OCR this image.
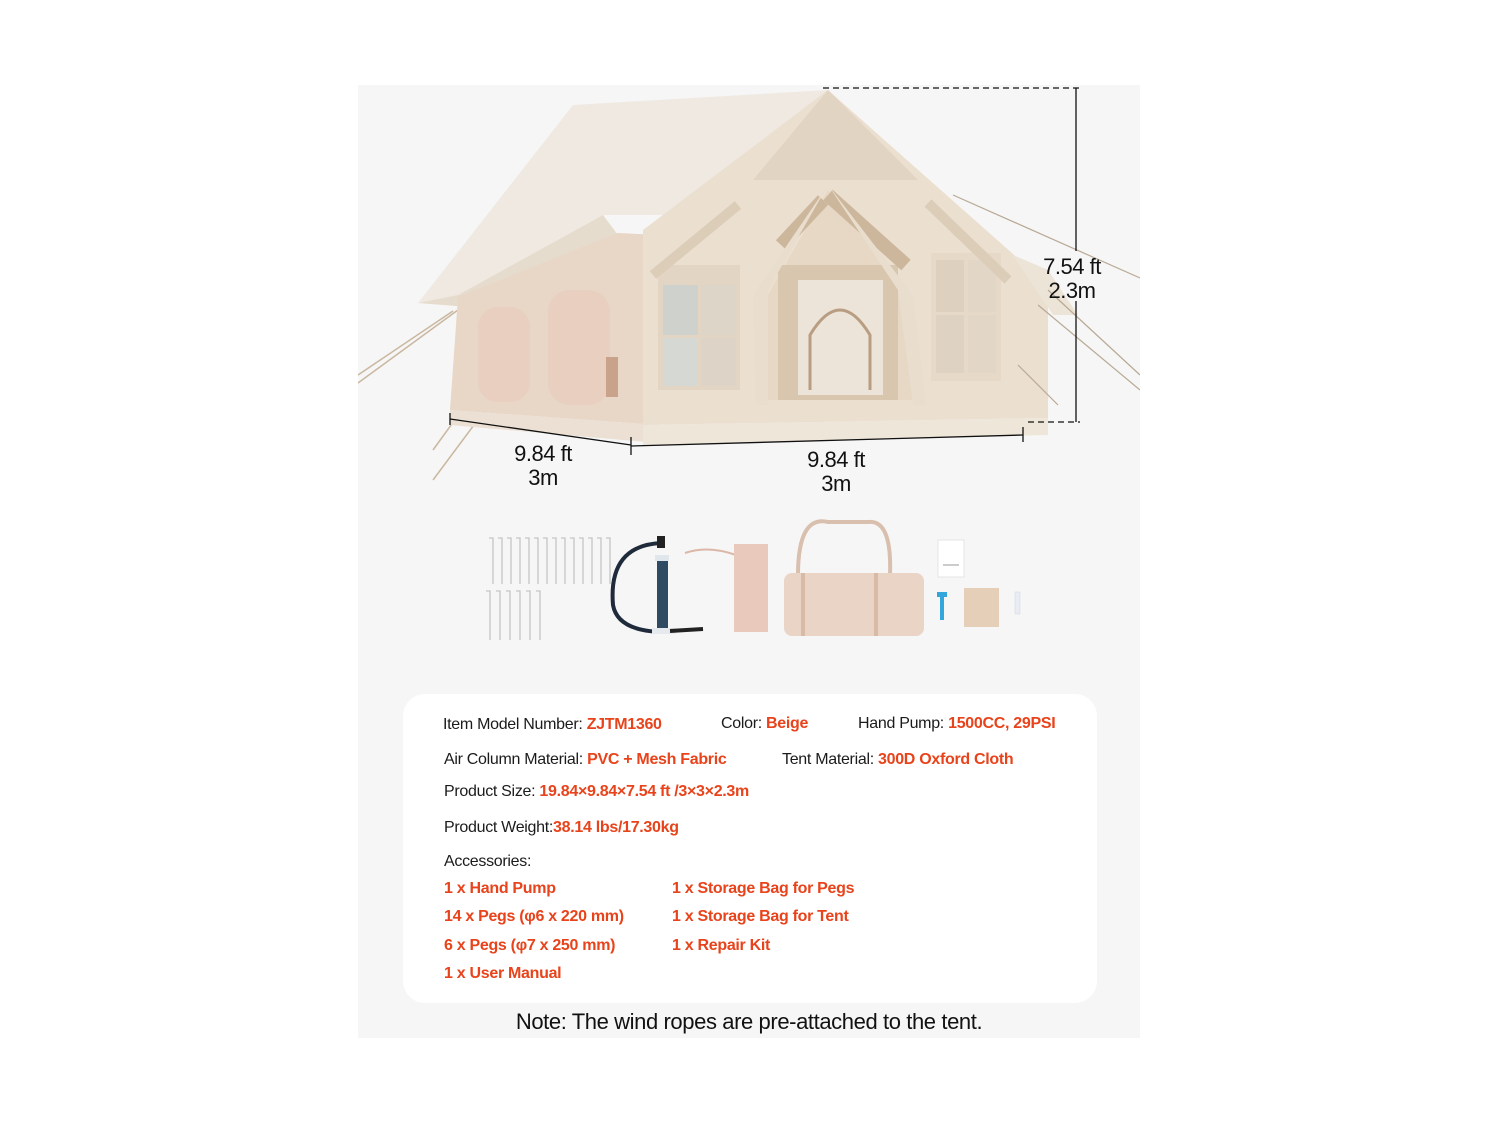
7.54 ft
2.3m
9.84 ft
3m
9.84 ft
3m
Item Model Number: ZJTM1360	Color: Beige	Hand Pump: 1500CC, 29PSI
Air Column Material: PVC + Mesh Fabric	Tent Material: 300D Oxford Cloth
Product Size: 19.84×9.84×7.54 ft /3×3×2.3m
Product Weight:38.14 lbs/17.30kg
Accessories:
1 x Hand Pump
14 x Pegs (φ6 x 220 mm)
6 x Pegs (φ7 x 250 mm)
1 x User Manual
1 x Storage Bag for Pegs
1 x Storage Bag for Tent
1 x Repair Kit
Note: The wind ropes are pre-attached to the tent.
